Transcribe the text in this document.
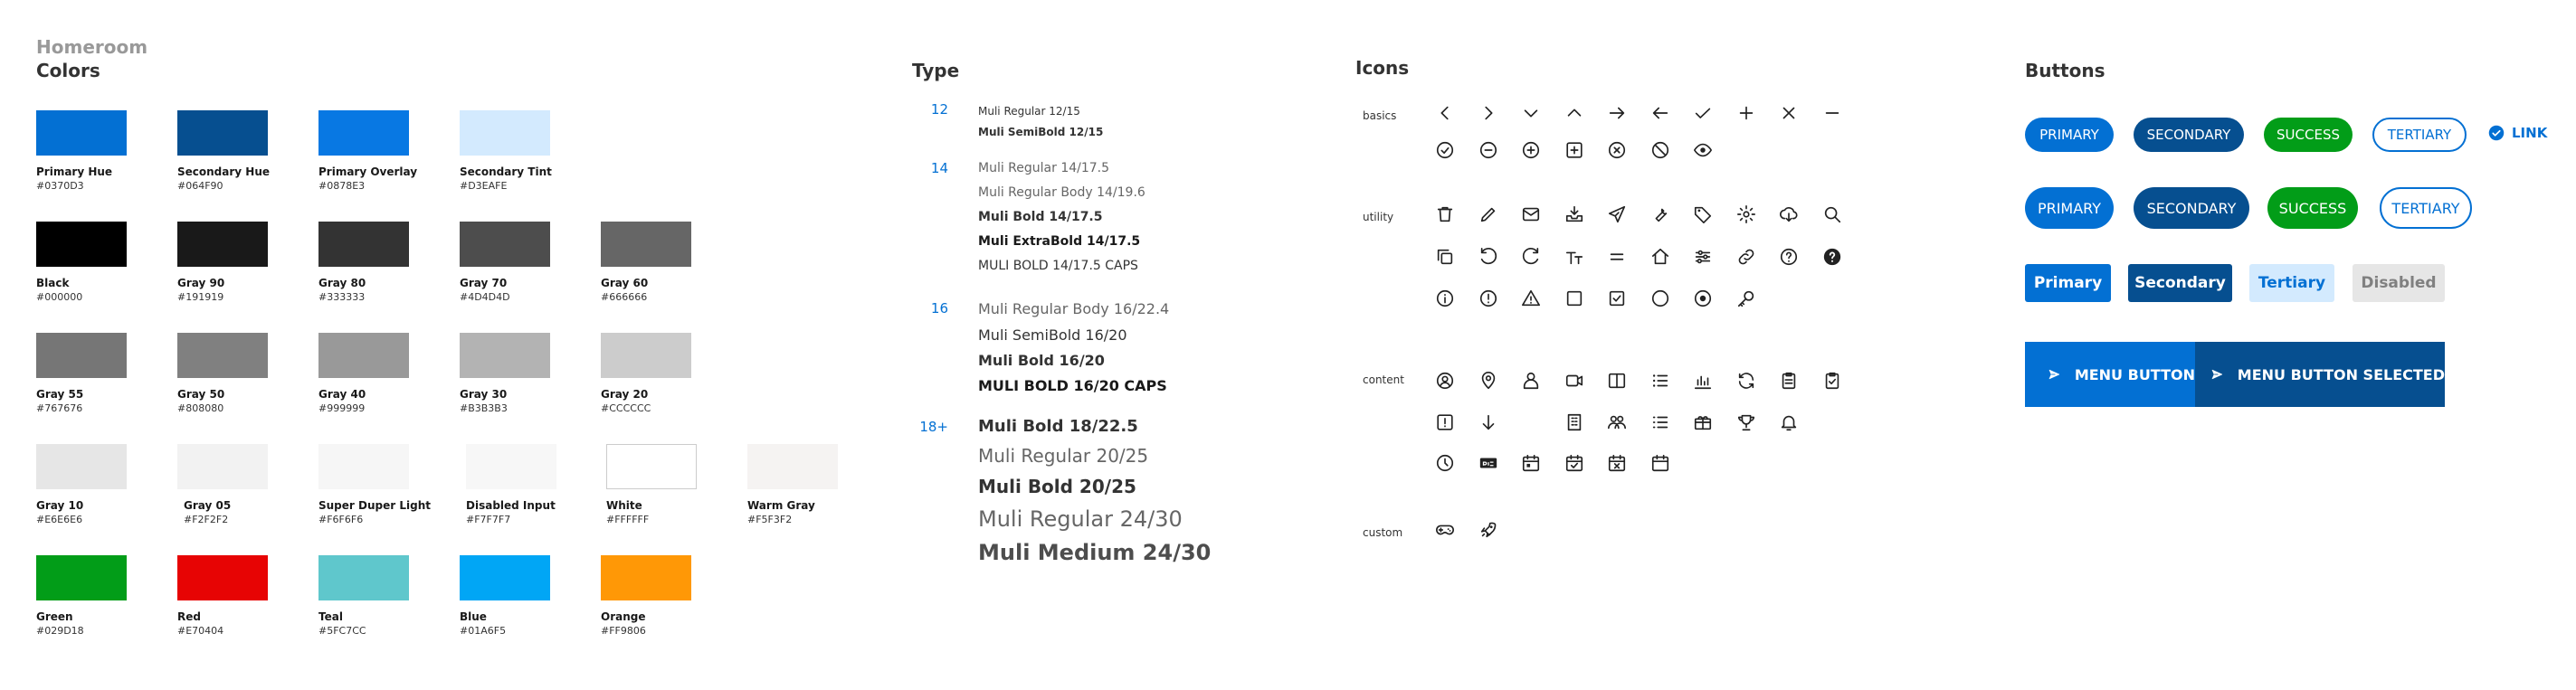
Homeroom
Colors
Primary Hue
#0370D3
Secondary Hue
#064F90
Primary Overlay
#0878E3
Secondary Tint
#D3EAFE
Black
#000000
Gray 90
#191919
Gray 80
#333333
Gray 70
#4D4D4D
Gray 60
#666666
Gray 55
#767676
Gray 50
#808080
Gray 40
#999999
Gray 30
#B3B3B3
Gray 20
#CCCCCC
Gray 10
#E6E6E6
Gray 05
#F2F2F2
Super Duper Light
#F6F6F6
Disabled Input
#F7F7F7
White
#FFFFFF
Warm Gray
#F5F3F2
Green
#029D18
Red
#E70404
Teal
#5FC7CC
Blue
#01A6F5
Orange
#FF9806
Type
12	Muli Regular 12/15
Muli SemiBold 12/15
14 Muli Regular 14/17.5
Muli Regular Body 14/19.6
Muli Bold 14/17.5
Muli ExtraBold 14/17.5
MULI BOLD 14/17.5 CAPS
16 Muli Regular Body 16/22.4
Muli SemiBold 16/20
Muli Bold 16/20
MULI BOLD 16/20 CAPS
18+ Muli Bold 18/22.5
Muli Regular 20/25
Muli Bold 20/25
Muli Regular 24/30
Muli Medium 24/30
Icons
basics
utility
content
custom
Buttons
PRIMARY	SECONDARY	SUCCESS	TERTIARY	LINK
PRIMARY	SECONDARY	SUCCESS	TERTIARY
Primary	Secondary	Tertiary	Disabled
MENU BUTTON	MENU BUTTON SELECTED
